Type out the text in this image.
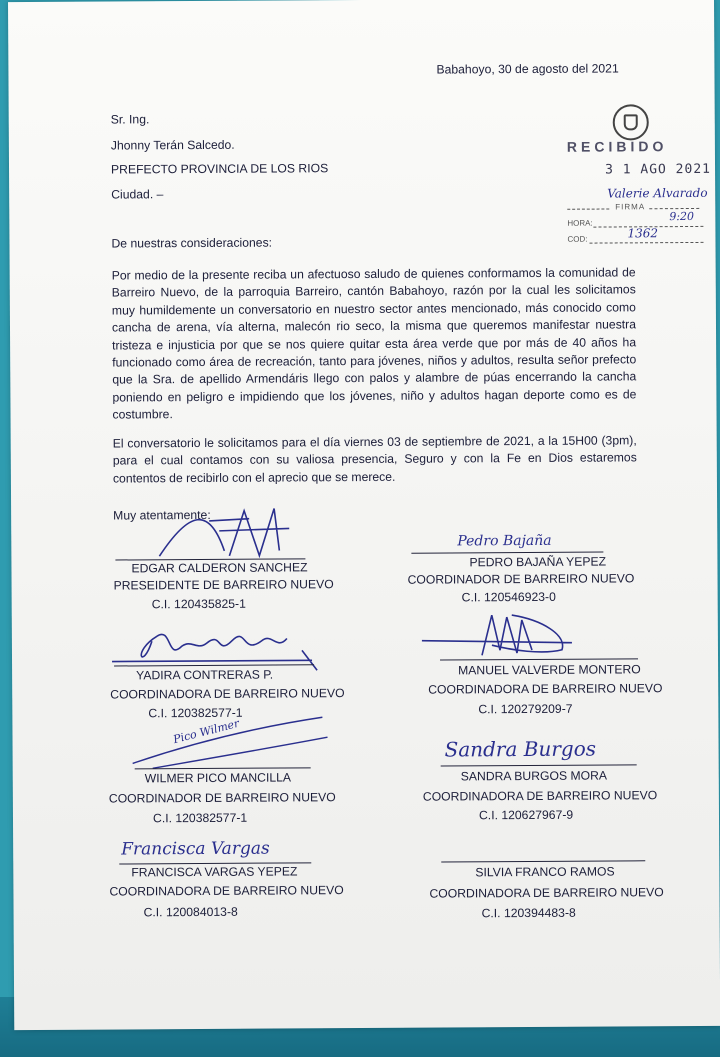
Babahoyo, 30 de agosto del 2021
Sr. Ing.
Jhonny Terán Salcedo.
PREFECTO PROVINCIA DE LOS RIOS
Ciudad. –
De nuestras consideraciones:
Por medio de la presente reciba un afectuoso saludo de quienes conformamos la comunidad de Barreiro Nuevo, de la parroquia Barreiro, cantón Babahoyo, razón por la cual les solicitamos muy humildemente un conversatorio en nuestro sector antes mencionado, más conocido como cancha de arena, vía alterna, malecón rio seco, la misma que queremos manifestar nuestra tristeza e injusticia por que se nos quiere quitar esta área verde que por más de 40 años ha funcionado como área de recreación, tanto para jóvenes, niños y adultos, resulta señor prefecto que la Sra. de apellido Armendáris llego con palos y alambre de púas encerrando la cancha poniendo en peligro e impidiendo que los jóvenes, niño y adultos hagan deporte como es de costumbre.
El conversatorio le solicitamos para el día viernes 03 de septiembre de 2021, a la 15H00 (3pm), para el cual contamos con su valiosa presencia, Seguro y con la Fe en Dios estaremos contentos de recibirlo con el aprecio que se merece.
Muy atentamente:
RECIBIDO
3 1 AGO 2021
Valerie Alvarado
FIRMA
HORA:
9:20
COD:	1362
EDGAR CALDERON SANCHEZ
PRESEIDENTE DE BARREIRO NUEVO
C.I. 120435825-1
Pedro Bajaña
PEDRO BAJAÑA YEPEZ
COORDINADOR DE BARREIRO NUEVO
C.I. 120546923-0
YADIRA CONTRERAS P.
COORDINADORA DE BARREIRO NUEVO
C.I. 120382577-1
MANUEL VALVERDE MONTERO
COORDINADORA DE BARREIRO NUEVO
C.I. 120279209-7
Pico Wilmer
WILMER PICO MANCILLA
COORDINADOR DE BARREIRO NUEVO
C.I. 120382577-1
Sandra Burgos
SANDRA BURGOS MORA
COORDINADORA DE BARREIRO NUEVO
C.I. 120627967-9
Francisca Vargas
FRANCISCA VARGAS YEPEZ
COORDINADORA DE BARREIRO NUEVO
C.I. 120084013-8
SILVIA FRANCO RAMOS
COORDINADORA DE BARREIRO NUEVO
C.I. 120394483-8
